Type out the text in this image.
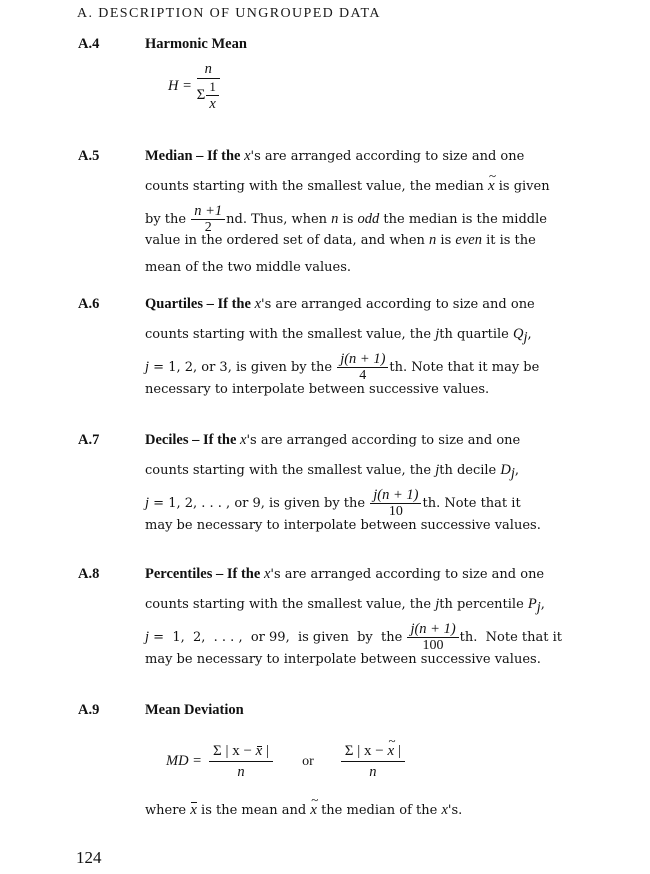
A. DESCRIPTION OF UNGROUPED DATA
A.4	Harmonic Mean
$H = \frac{n}{\Sigma \frac{1}{x}}$
A.5	Median – If the x's are arranged according to size and one
counts starting with the smallest value, the median ~ x is given
by the $\frac{n +1}{2}$ nd. Thus, when n is odd the median is the middle
value in the ordered set of data, and when n is even it is the
mean of the two middle values.
A.6	Quartiles – If the x's are arranged according to size and one
counts starting with the smallest value, the jth quartile $Q_j$,
j = 1, 2, or 3, is given by the $\frac{j(n + 1)}{4}$ th. Note that it may be
necessary to interpolate between successive values.
A.7	Deciles – If the x's are arranged according to size and one
counts starting with the smallest value, the jth decile $D_j$,
j = 1, 2, . . . , or 9, is given by the $\frac{j(n + 1)}{10}$ th. Note that it
may be necessary to interpolate between successive values.
A.8	Percentiles – If the x's are arranged according to size and one
counts starting with the smallest value, the jth percentile $P_j$,
j =  1,  2,  . . . ,  or 99,  is given  by  the $\frac{j(n + 1)}{100}$ th.  Note that it
may be necessary to interpolate between successive values.
A.9	Mean Deviation
MD = $\frac{\Sigma | x - x |}{n}$ or $\frac{\Sigma | x - \sim x |}{n}$
where x is the mean and ~ x the median of the x's.
124
